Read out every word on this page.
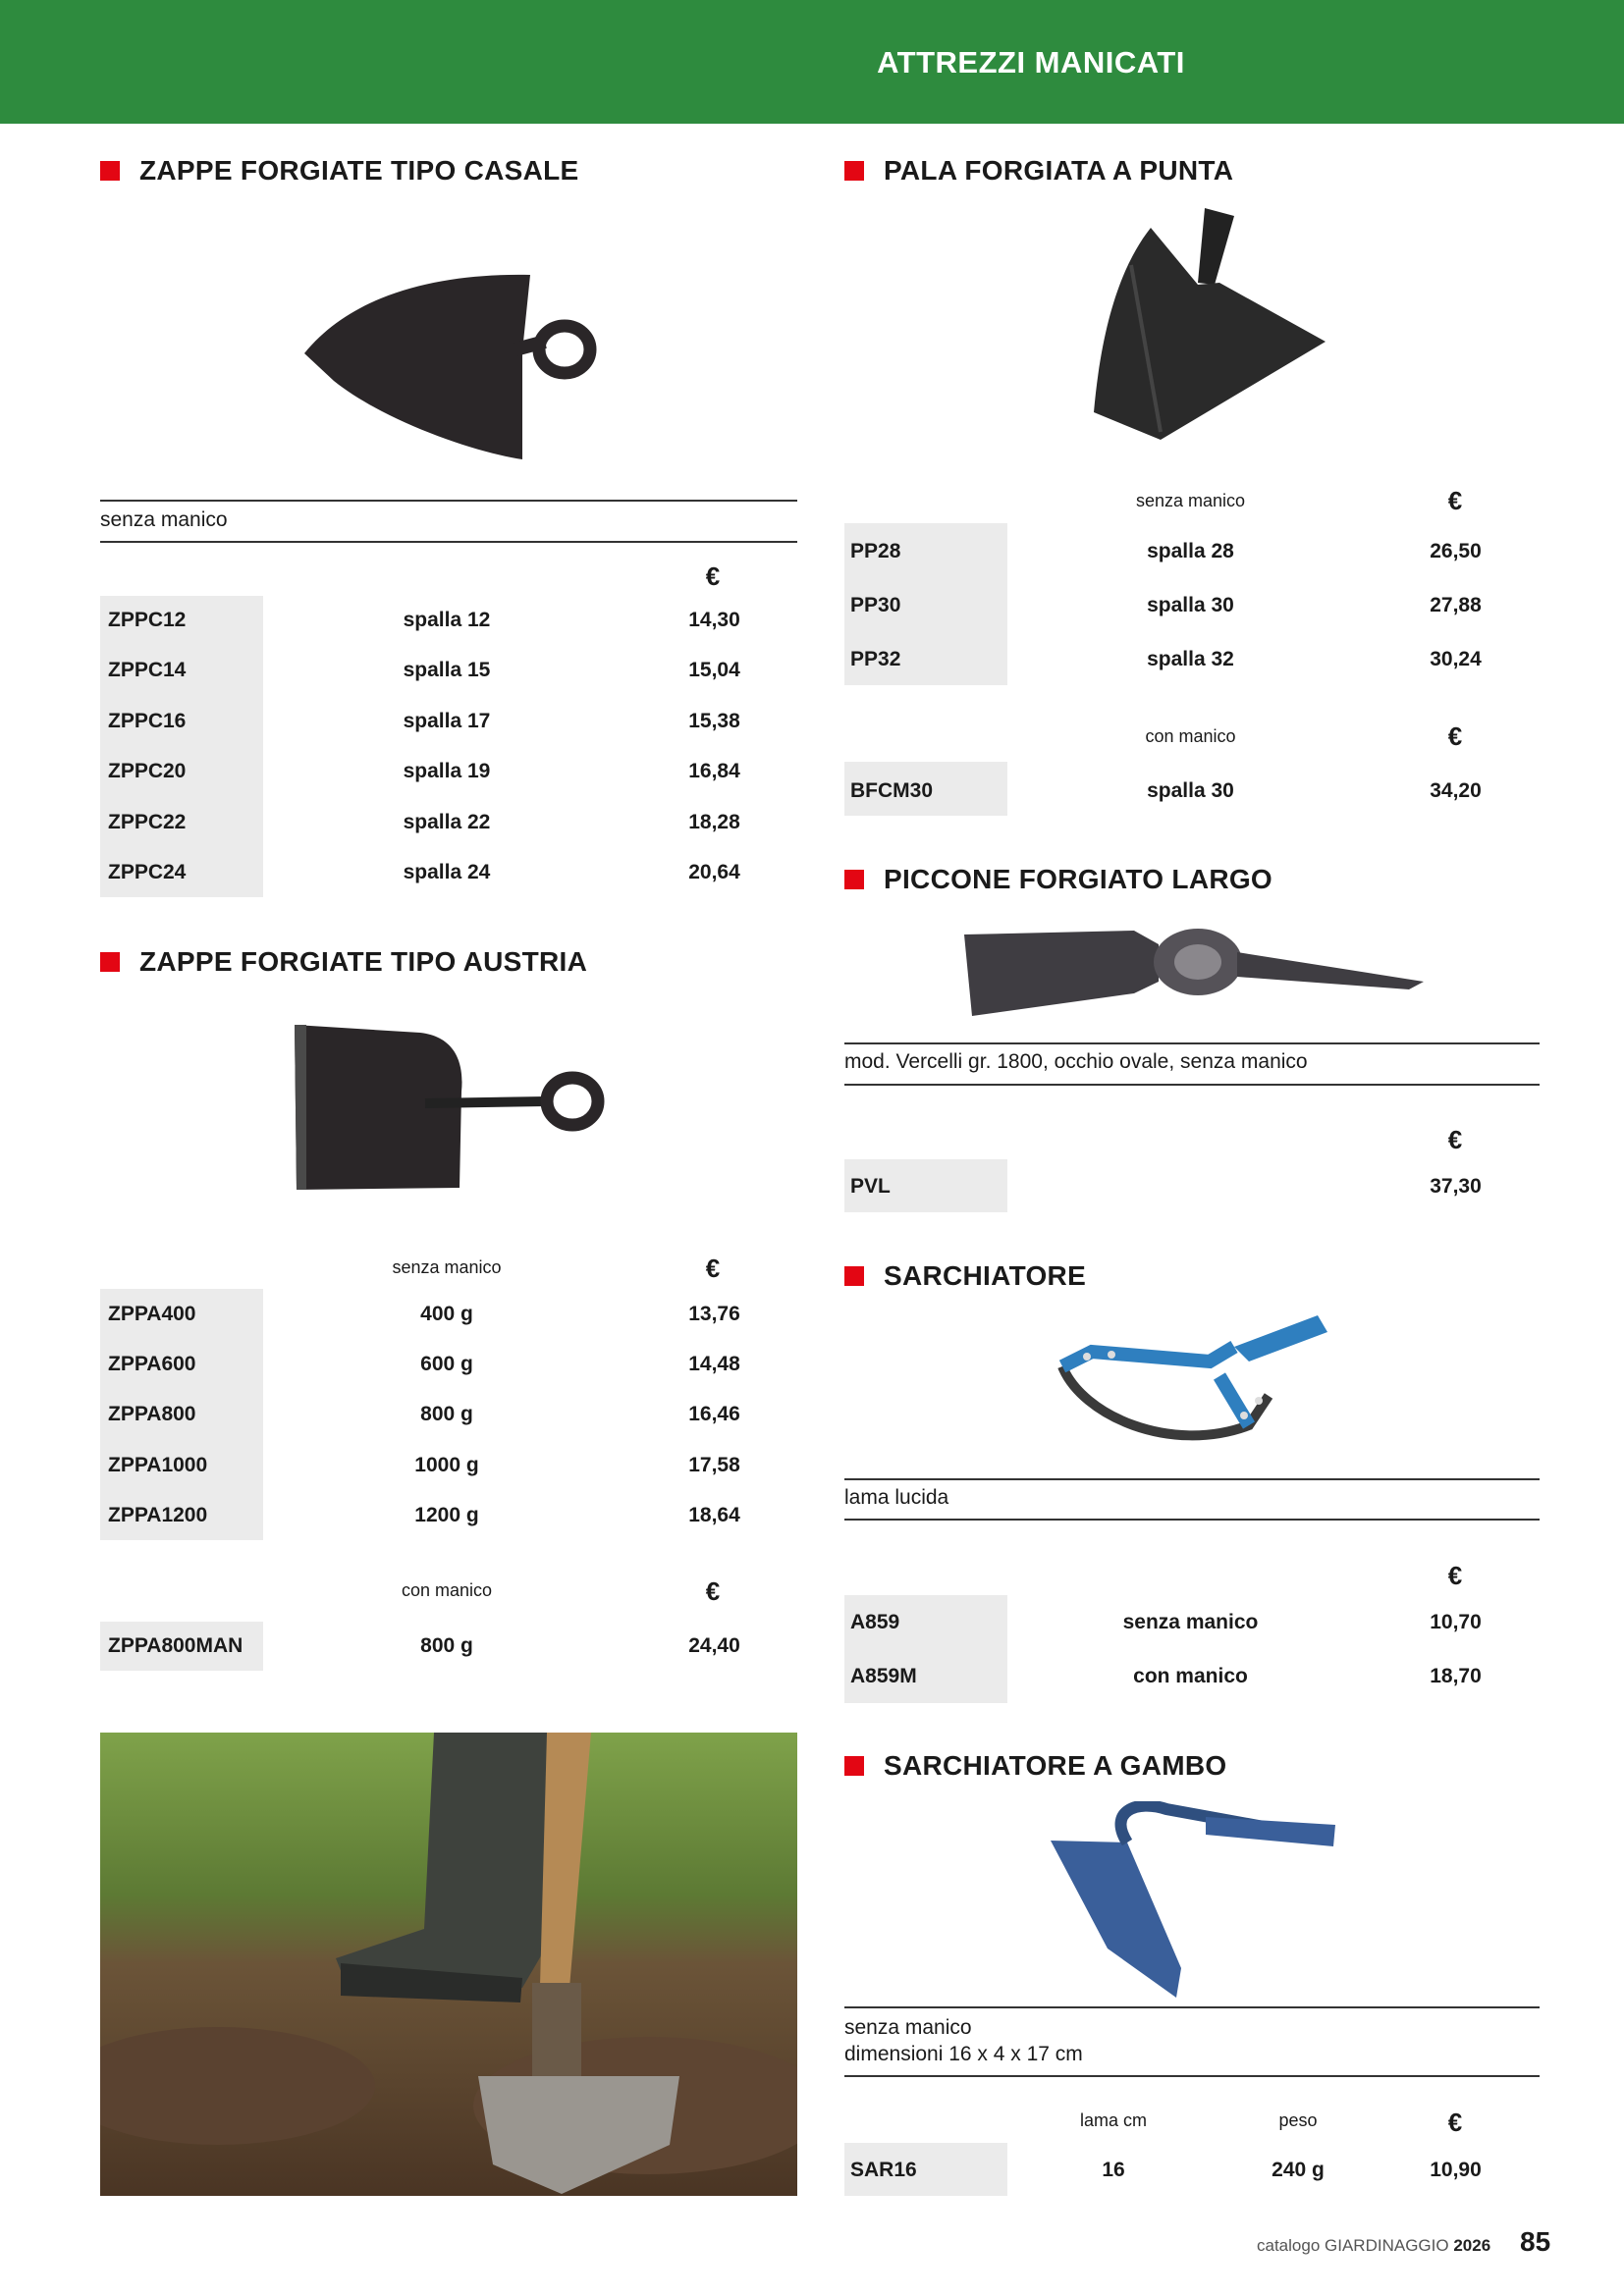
ATTREZZI MANICATI
ZAPPE FORGIATE TIPO CASALE
senza manico
€
ZPPC12	spalla 12	14,30
ZPPC14	spalla 15	15,04
ZPPC16	spalla 17	15,38
ZPPC20	spalla 19	16,84
ZPPC22	spalla 22	18,28
ZPPC24	spalla 24	20,64
ZAPPE FORGIATE TIPO AUSTRIA
senza manico	€
ZPPA400	400 g	13,76
ZPPA600	600 g	14,48
ZPPA800	800 g	16,46
ZPPA1000	1000 g	17,58
ZPPA1200	1200 g	18,64
con manico	€
ZPPA800MAN	800 g	24,40
PALA FORGIATA A PUNTA
senza manico	€
PP28	spalla 28	26,50
PP30	spalla 30	27,88
PP32	spalla 32	30,24
con manico	€
BFCM30	spalla 30	34,20
PICCONE FORGIATO LARGO
mod. Vercelli gr. 1800, occhio ovale, senza manico
€
PVL	37,30
SARCHIATORE
lama lucida
€
A859	senza manico	10,70
A859M	con manico	18,70
SARCHIATORE A GAMBO
senza manico
dimensioni 16 x 4 x 17 cm
lama cm	peso	€
SAR16	16	240 g	10,90
catalogo GIARDINAGGIO 2026 85
